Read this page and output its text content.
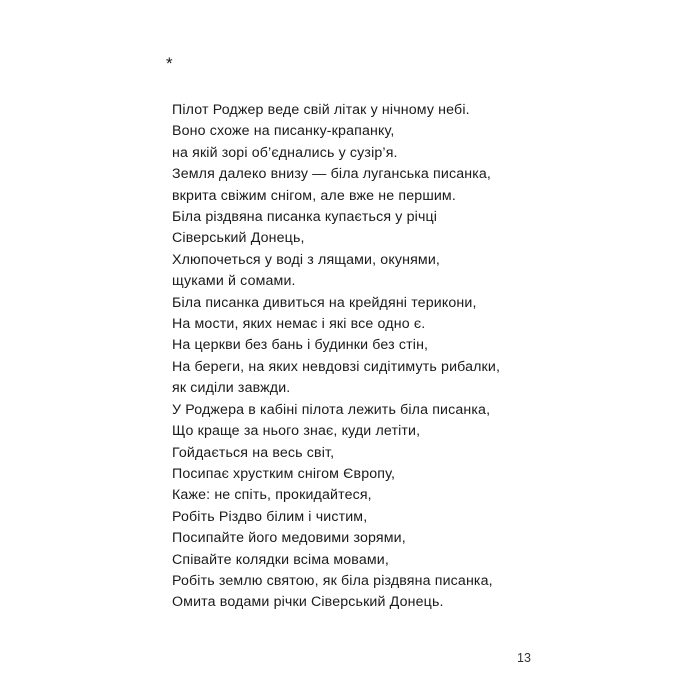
*
Пілот Роджер веде свій літак у нічному небі.
Воно схоже на писанку-крапанку,
на якій зорі об’єднались у сузір’я.
Земля далеко внизу — біла луганська писанка,
вкрита свіжим снігом, але вже не першим.
Біла різдвяна писанка купається у річці
Сіверський Донець,
Хлюпочеться у воді з лящами, окунями,
щуками й сомами.
Біла писанка дивиться на крейдяні терикони,
На мости, яких немає і які все одно є.
На церкви без бань і будинки без стін,
На береги, на яких невдовзі сидітимуть рибалки,
як сиділи завжди.
У Роджера в кабіні пілота лежить біла писанка,
Що краще за нього знає, куди летіти,
Гойдається на весь світ,
Посипає хрустким снігом Європу,
Каже: не спіть, прокидайтеся,
Робіть Різдво білим і чистим,
Посипайте його медовими зорями,
Співайте колядки всіма мовами,
Робіть землю святою, як біла різдвяна писанка,
Омита водами річки Сіверський Донець.
13
